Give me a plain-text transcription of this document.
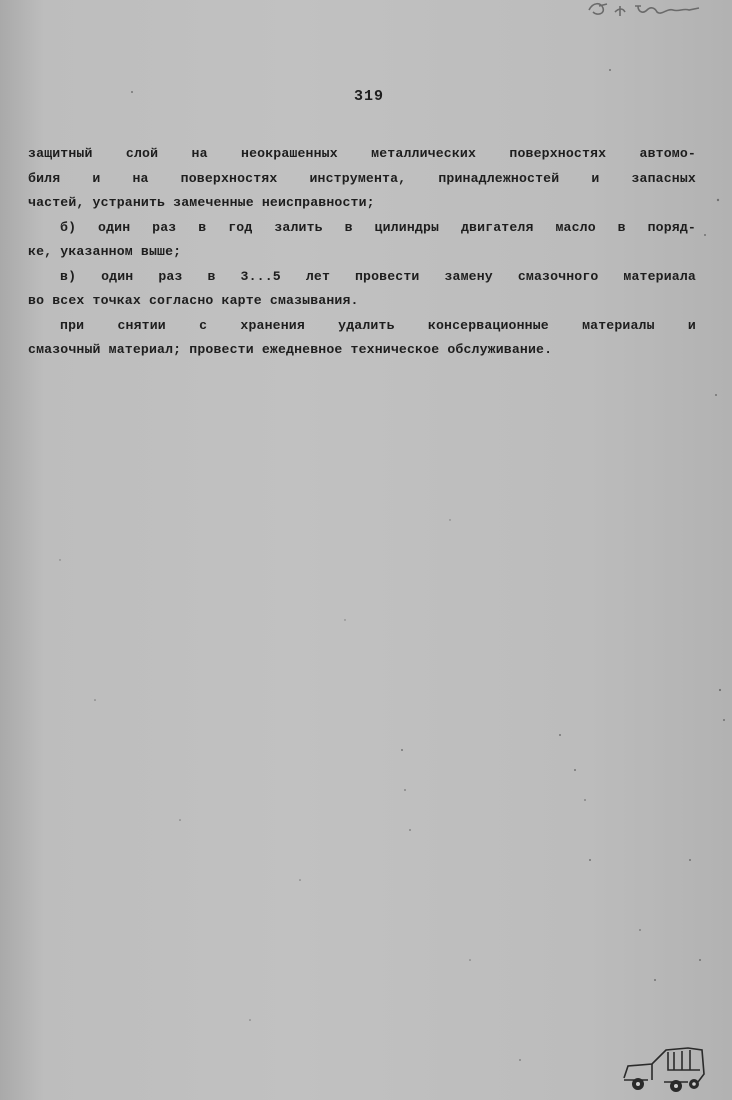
319
защитный слой на неокрашенных металлических поверхностях автомо-
биля и на поверхностях инструмента, принадлежностей и запасных
частей, устранить замеченные неисправности;
б) один раз в год залить в цилиндры двигателя масло в поряд-
ке, указанном выше;
в) один раз в 3...5 лет провести замену смазочного материала
во всех точках согласно карте смазывания.
при снятии с хранения удалить консервационные материалы и
смазочный материал; провести ежедневное техническое обслуживание.
